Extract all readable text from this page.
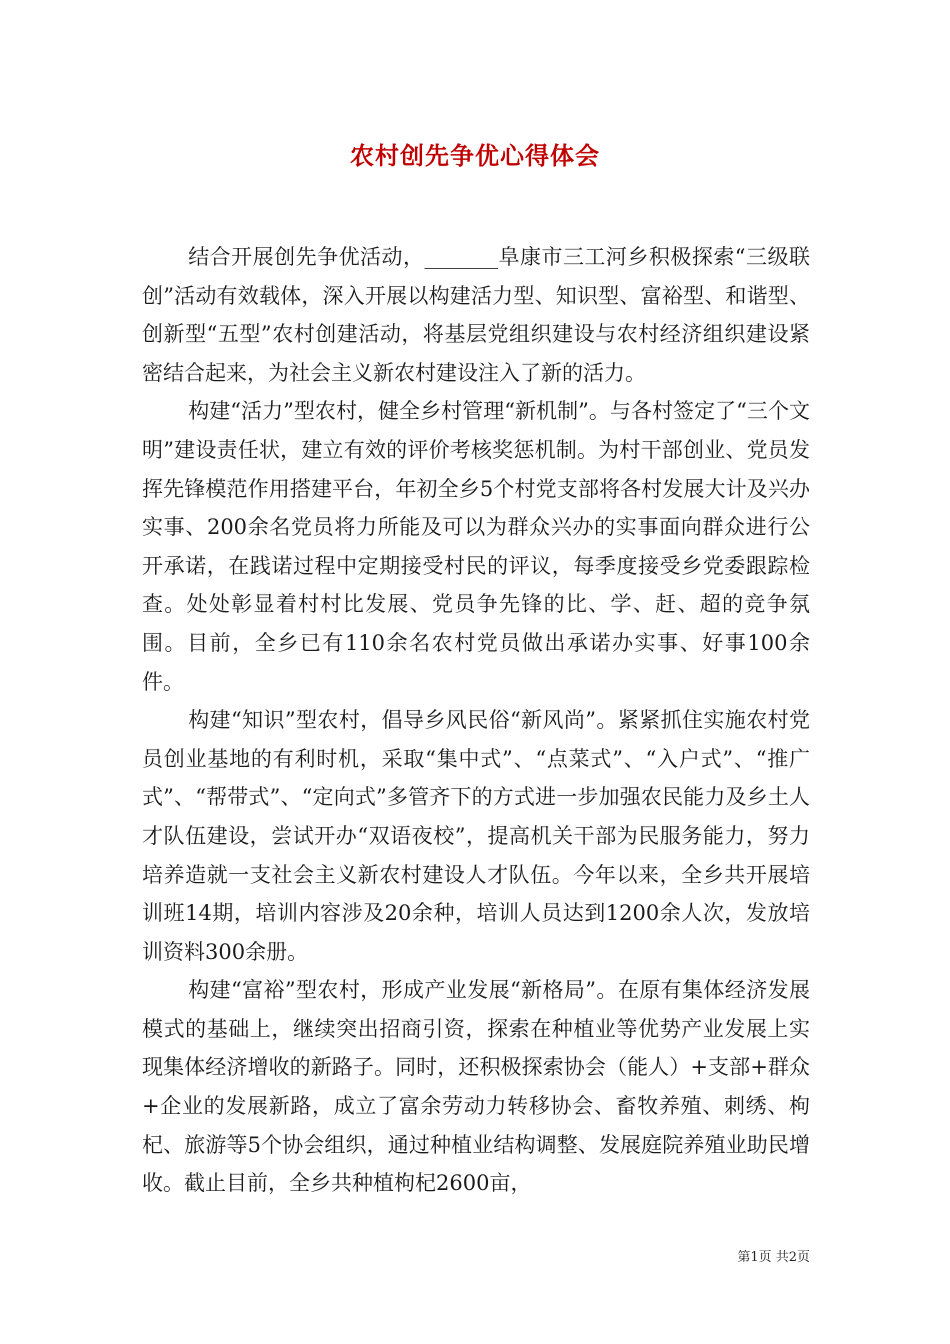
农村创先争优心得体会

结合开展创先争优活动，_______阜康市三工河乡积极探索“三级联创”活动有效载体，深入开展以构建活力型、知识型、富裕型、和谐型、创新型“五型”农村创建活动，将基层党组织建设与农村经济组织建设紧密结合起来，为社会主义新农村建设注入了新的活力。

构建“活力”型农村，健全乡村管理“新机制”。与各村签定了“三个文明”建设责任状，建立有效的评价考核奖惩机制。为村干部创业、党员发挥先锋模范作用搭建平台，年初全乡5个村党支部将各村发展大计及兴办实事、200余名党员将力所能及可以为群众兴办的实事面向群众进行公开承诺，在践诺过程中定期接受村民的评议，每季度接受乡党委跟踪检查。处处彰显着村村比发展、党员争先锋的比、学、赶、超的竞争氛围。目前，全乡已有110余名农村党员做出承诺办实事、好事100余件。

构建“知识”型农村，倡导乡风民俗“新风尚”。紧紧抓住实施农村党员创业基地的有利时机，采取“集中式”、“点菜式”、“入户式”、“推广式”、“帮带式”、“定向式”多管齐下的方式进一步加强农民能力及乡土人才队伍建设，尝试开办“双语夜校”，提高机关干部为民服务能力，努力培养造就一支社会主义新农村建设人才队伍。今年以来，全乡共开展培训班14期，培训内容涉及20余种，培训人员达到1200余人次，发放培训资料300余册。

构建“富裕”型农村，形成产业发展“新格局”。在原有集体经济发展模式的基础上，继续突出招商引资，探索在种植业等优势产业发展上实现集体经济增收的新路子。同时，还积极探索协会（能人）+支部+群众+企业的发展新路，成立了富余劳动力转移协会、畜牧养殖、刺绣、枸杞、旅游等5个协会组织，通过种植业结构调整、发展庭院养殖业助民增收。截止目前，全乡共种植枸杞2600亩，

第1页 共2页
